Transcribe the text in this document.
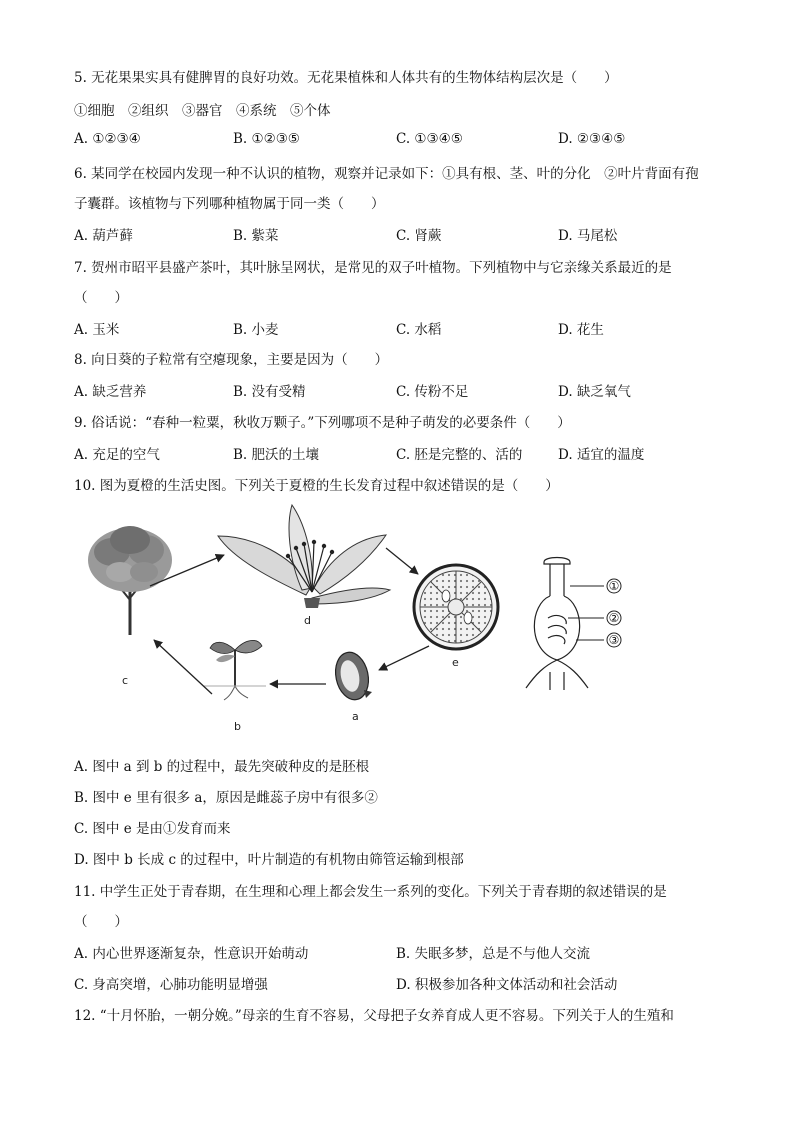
5. 无花果果实具有健脾胃的良好功效。无花果植株和人体共有的生物体结构层次是（　　）
①细胞　②组织　③器官　④系统　⑤个体
A. ①②③④	B. ①②③⑤	C. ①③④⑤	D. ②③④⑤
6. 某同学在校园内发现一种不认识的植物，观察并记录如下：①具有根、茎、叶的分化　②叶片背面有孢
子囊群。该植物与下列哪种植物属于同一类（　　）
A. 葫芦藓	B. 紫菜	C. 肾蕨	D. 马尾松
7. 贺州市昭平县盛产茶叶，其叶脉呈网状，是常见的双子叶植物。下列植物中与它亲缘关系最近的是
（　　）
A. 玉米	B. 小麦	C. 水稻	D. 花生
8. 向日葵的子粒常有空瘪现象，主要是因为（　　）
A. 缺乏营养	B. 没有受精	C. 传粉不足	D. 缺乏氧气
9. 俗话说：“春种一粒粟，秋收万颗子。”下列哪项不是种子萌发的必要条件（　　）
A. 充足的空气	B. 肥沃的土壤	C. 胚是完整的、活的	D. 适宜的温度
10. 图为夏橙的生活史图。下列关于夏橙的生长发育过程中叙述错误的是（　　）
c
d
e
a
b
①
②
③
A. 图中 a 到 b 的过程中，最先突破种皮的是胚根
B. 图中 e 里有很多 a，原因是雌蕊子房中有很多②
C. 图中 e 是由①发育而来
D. 图中 b 长成 c 的过程中，叶片制造的有机物由筛管运输到根部
11. 中学生正处于青春期，在生理和心理上都会发生一系列的变化。下列关于青春期的叙述错误的是
（　　）
A. 内心世界逐渐复杂，性意识开始萌动	B. 失眠多梦，总是不与他人交流
C. 身高突增，心肺功能明显增强	D. 积极参加各种文体活动和社会活动
12. “十月怀胎，一朝分娩。”母亲的生育不容易，父母把子女养育成人更不容易。下列关于人的生殖和
